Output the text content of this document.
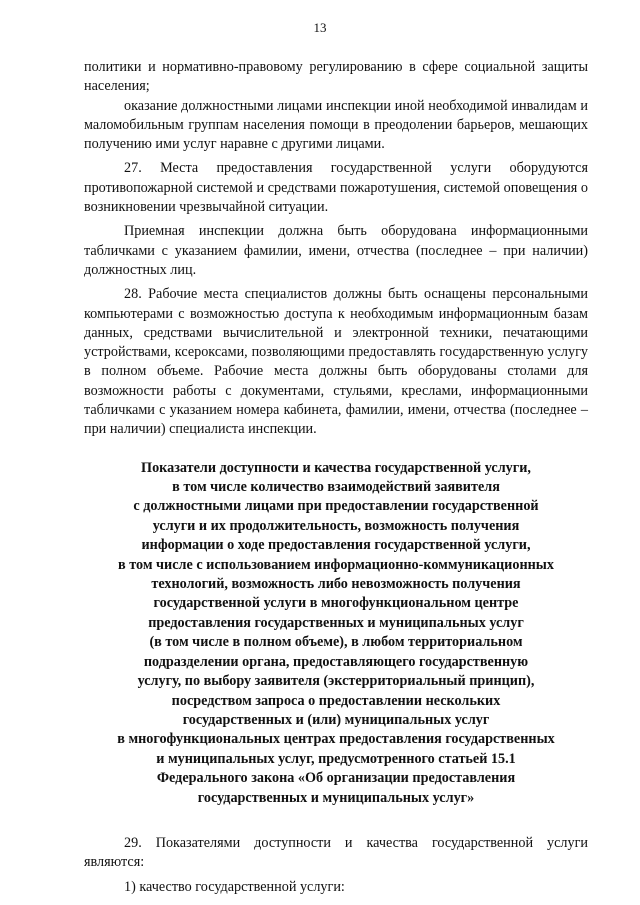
13

политики и нормативно-правовому регулированию в сфере социальной защиты населения;

оказание должностными лицами инспекции иной необходимой инвалидам и маломобильным группам населения помощи в преодолении барьеров, мешающих получению ими услуг наравне с другими лицами.

27. Места предоставления государственной услуги оборудуются противопожарной системой и средствами пожаротушения, системой оповещения о возникновении чрезвычайной ситуации.

Приемная инспекции должна быть оборудована информационными табличками с указанием фамилии, имени, отчества (последнее – при наличии) должностных лиц.

28. Рабочие места специалистов должны быть оснащены персональными компьютерами с возможностью доступа к необходимым информационным базам данных, средствами вычислительной и электронной техники, печатающими устройствами, ксероксами, позволяющими предоставлять государственную услугу в полном объеме. Рабочие места должны быть оборудованы столами для возможности работы с документами, стульями, креслами, информационными табличками с указанием номера кабинета, фамилии, имени, отчества (последнее – при наличии) специалиста инспекции.

Показатели доступности и качества государственной услуги,
в том числе количество взаимодействий заявителя
с должностными лицами при предоставлении государственной
услуги и их продолжительность, возможность получения
информации о ходе предоставления государственной услуги,
в том числе с использованием информационно-коммуникационных
технологий, возможность либо невозможность получения
государственной услуги в многофункциональном центре
предоставления государственных и муниципальных услуг
(в том числе в полном объеме), в любом территориальном
подразделении органа, предоставляющего государственную
услугу, по выбору заявителя (экстерриториальный принцип),
посредством запроса о предоставлении нескольких
государственных и (или) муниципальных услуг
в многофункциональных центрах предоставления государственных
и муниципальных услуг, предусмотренного статьей 15.1
Федерального закона «Об организации предоставления
государственных и муниципальных услуг»

29. Показателями доступности и качества государственной услуги являются:

1) качество государственной услуги:
